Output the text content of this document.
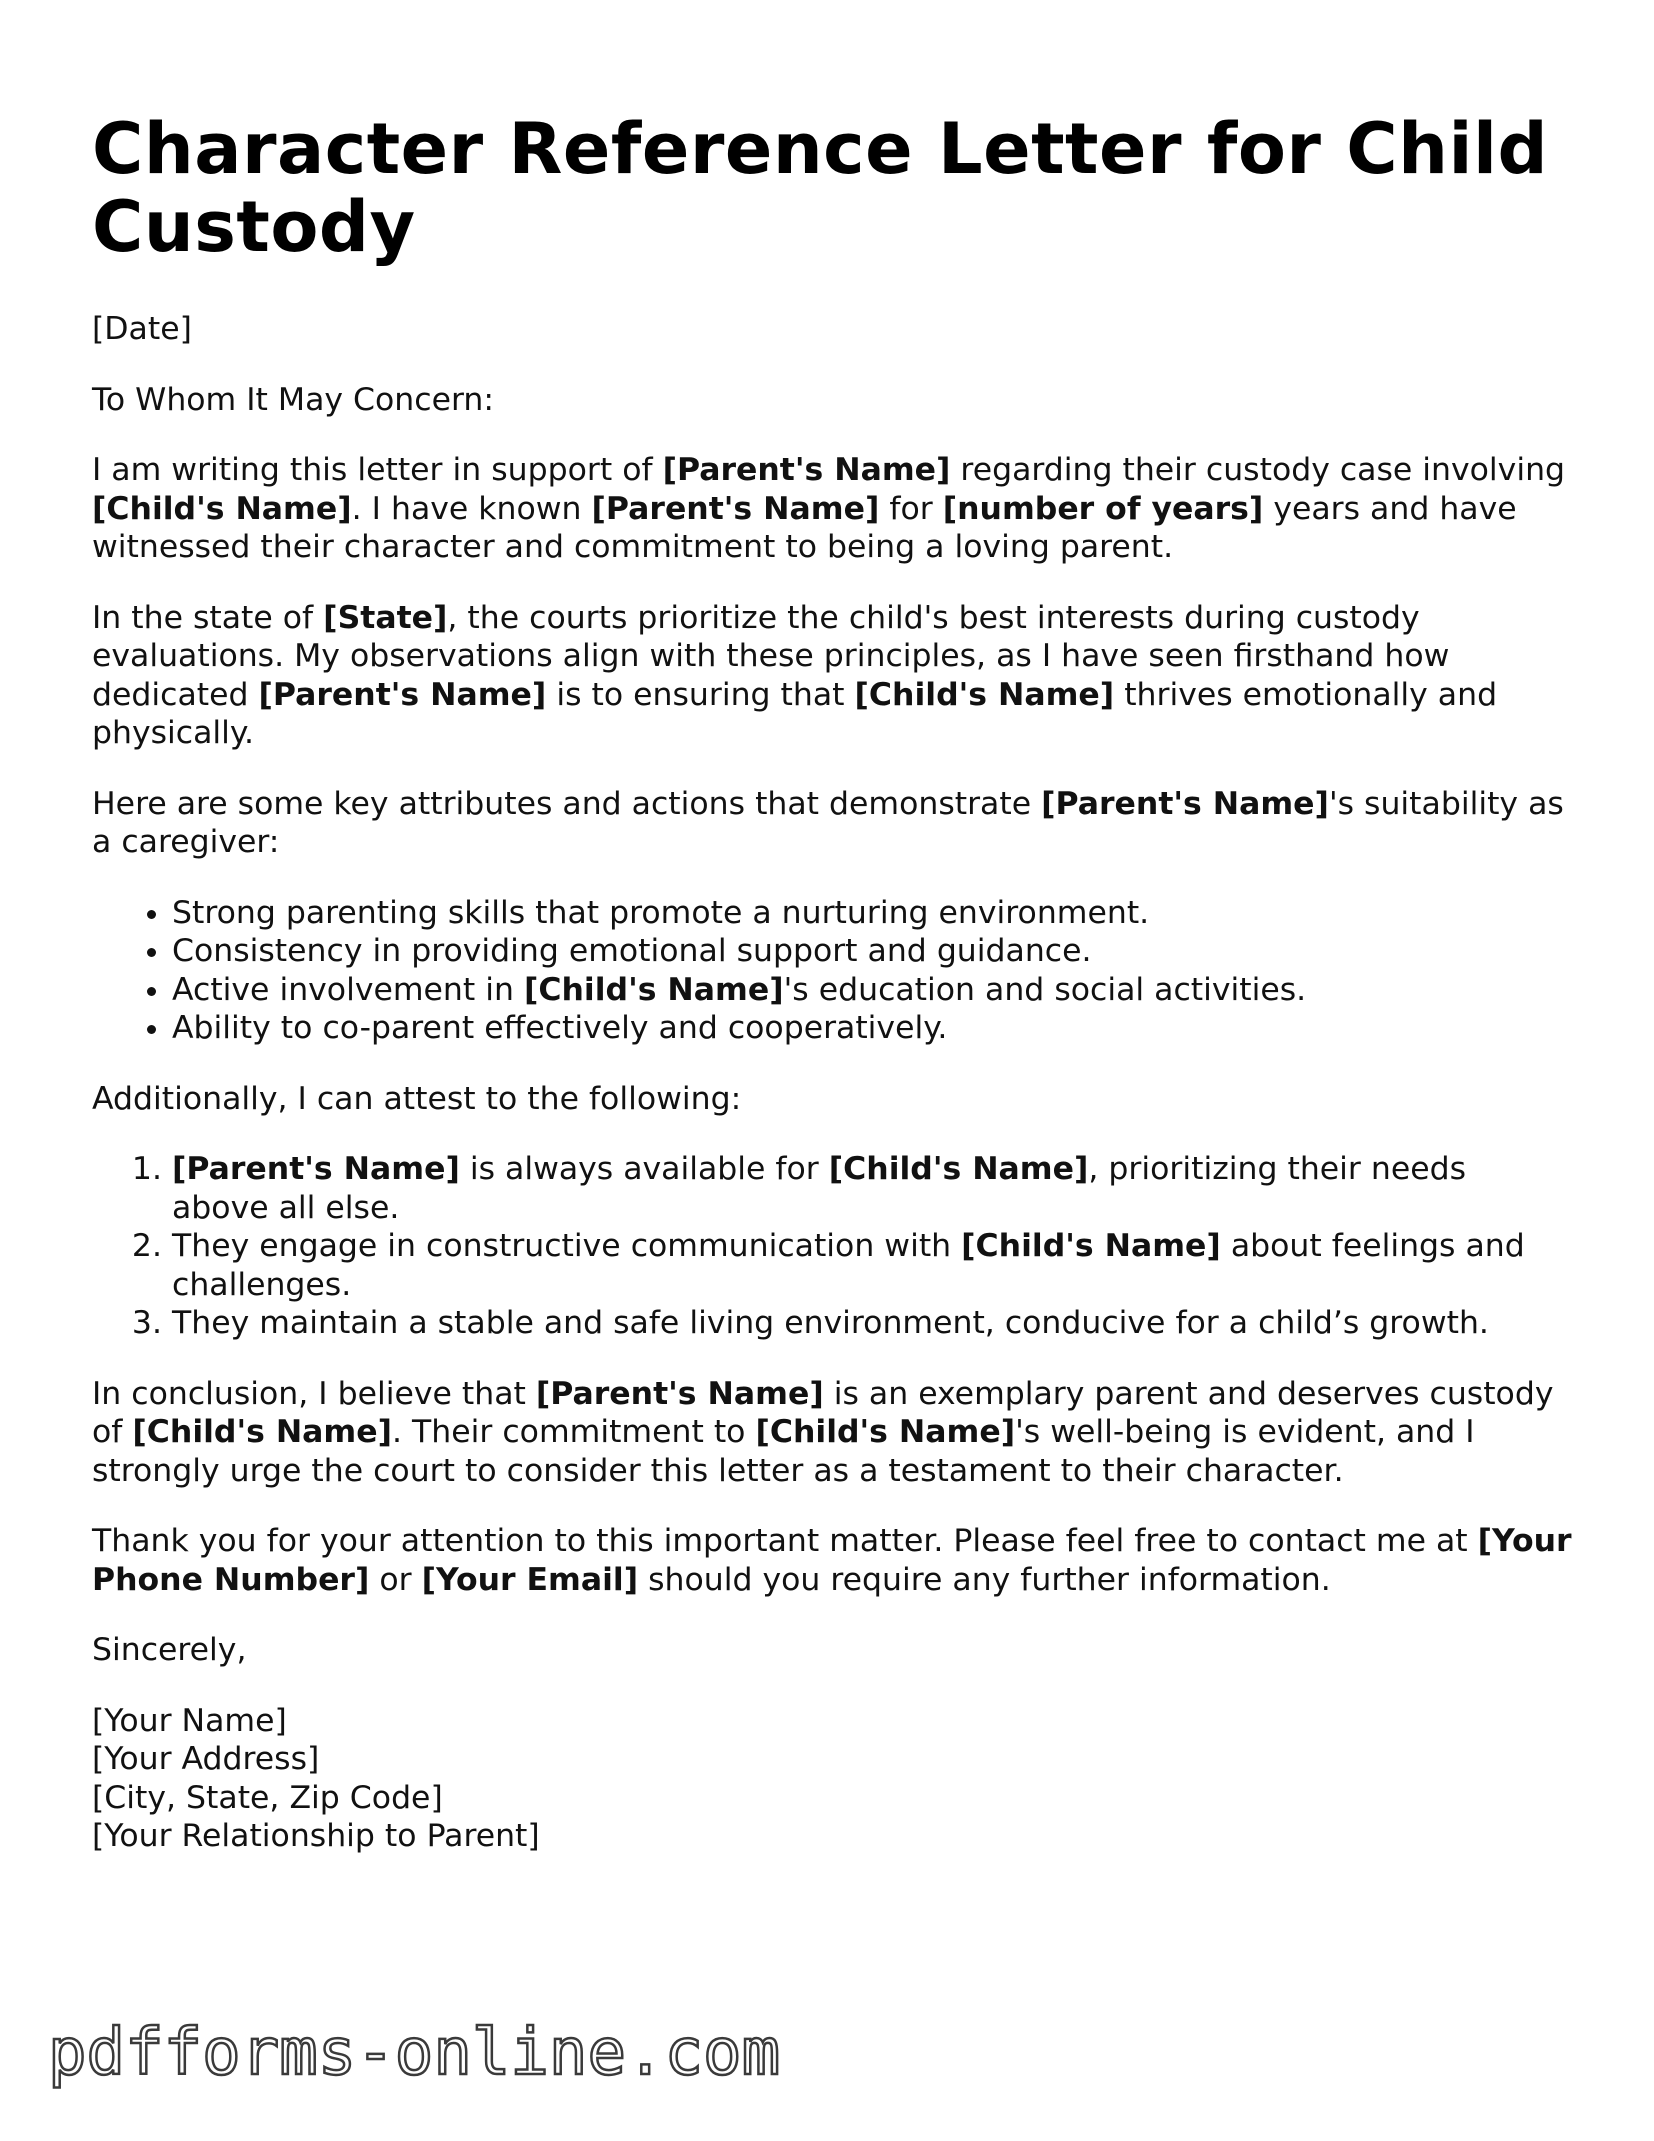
Character Reference Letter for Child Custody

[Date]

To Whom It May Concern:

I am writing this letter in support of [Parent's Name] regarding their custody case involving [Child's Name]. I have known [Parent's Name] for [number of years] years and have witnessed their character and commitment to being a loving parent.

In the state of [State], the courts prioritize the child's best interests during custody evaluations. My observations align with these principles, as I have seen firsthand how dedicated [Parent's Name] is to ensuring that [Child's Name] thrives emotionally and physically.

Here are some key attributes and actions that demonstrate [Parent's Name]'s suitability as a caregiver:

• Strong parenting skills that promote a nurturing environment.
• Consistency in providing emotional support and guidance.
• Active involvement in [Child's Name]'s education and social activities.
• Ability to co-parent effectively and cooperatively.

Additionally, I can attest to the following:

1. [Parent's Name] is always available for [Child's Name], prioritizing their needs above all else.
2. They engage in constructive communication with [Child's Name] about feelings and challenges.
3. They maintain a stable and safe living environment, conducive for a child’s growth.

In conclusion, I believe that [Parent's Name] is an exemplary parent and deserves custody of [Child's Name]. Their commitment to [Child's Name]'s well-being is evident, and I strongly urge the court to consider this letter as a testament to their character.

Thank you for your attention to this important matter. Please feel free to contact me at [Your Phone Number] or [Your Email] should you require any further information.

Sincerely,

[Your Name]

[Your Address]

[City, State, Zip Code]

[Your Relationship to Parent]

pdfforms-online.com
